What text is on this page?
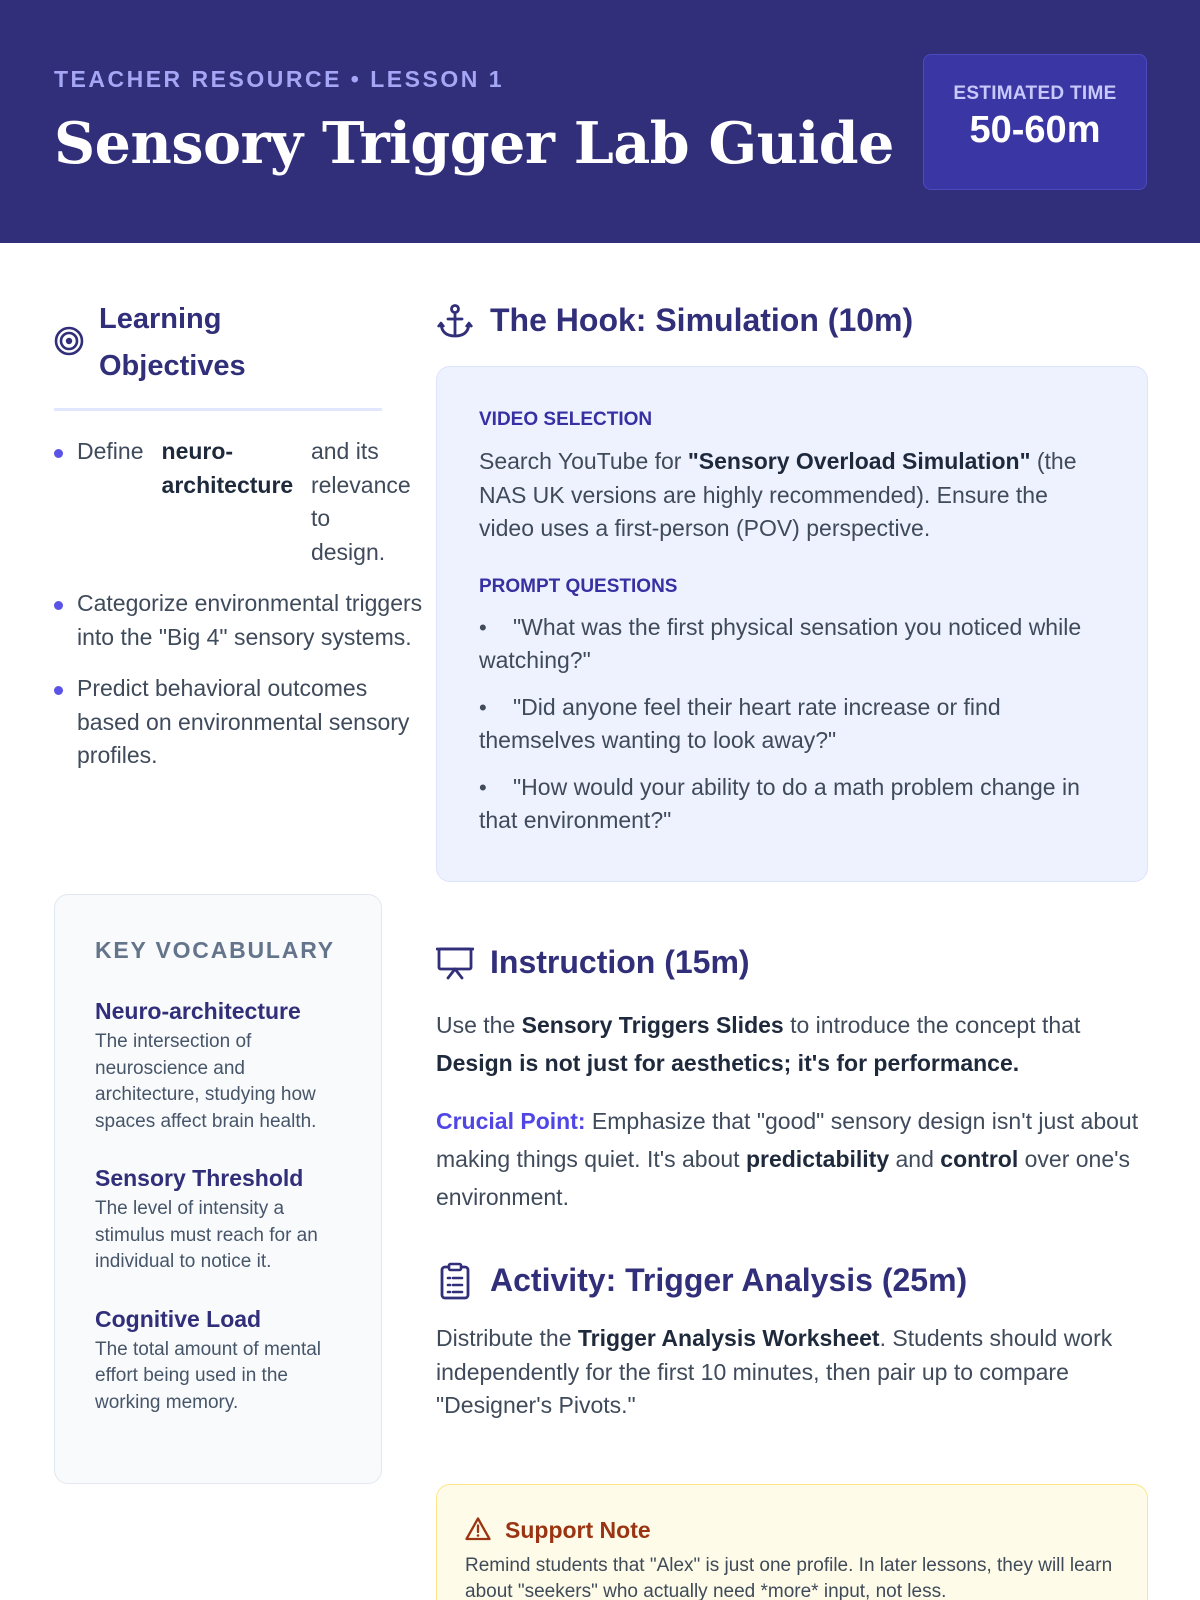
TEACHER RESOURCE • LESSON 1
Sensory Trigger Lab Guide
ESTIMATED TIME
50-60m
Learning
Objectives
Define neuro-
architecture
and its
relevance
to
design.
Categorize environmental triggers into the "Big 4" sensory systems.
Predict behavioral outcomes based on environmental sensory profiles.
KEY VOCABULARY
Neuro-architecture
The intersection of neuroscience and architecture, studying how spaces affect brain health.
Sensory Threshold
The level of intensity a stimulus must reach for an individual to notice it.
Cognitive Load
The total amount of mental effort being used in the working memory.
The Hook: Simulation (10m)
VIDEO SELECTION

Search YouTube for "Sensory Overload Simulation" (the NAS UK versions are highly recommended). Ensure the video uses a first-person (POV) perspective.

PROMPT QUESTIONS
• "What was the first physical sensation you noticed while watching?"
• "Did anyone feel their heart rate increase or find themselves wanting to look away?"
• "How would your ability to do a math problem change in that environment?"
Instruction (15m)

Use the Sensory Triggers Slides to introduce the concept that Design is not just for aesthetics; it's for performance.

Crucial Point: Emphasize that "good" sensory design isn't just about making things quiet. It's about predictability and control over one's environment.

Activity: Trigger Analysis (25m)

Distribute the Trigger Analysis Worksheet. Students should work independently for the first 10 minutes, then pair up to compare "Designer's Pivots."

Support Note

Remind students that "Alex" is just one profile. In later lessons, they will learn about "seekers" who actually need *more* input, not less.
